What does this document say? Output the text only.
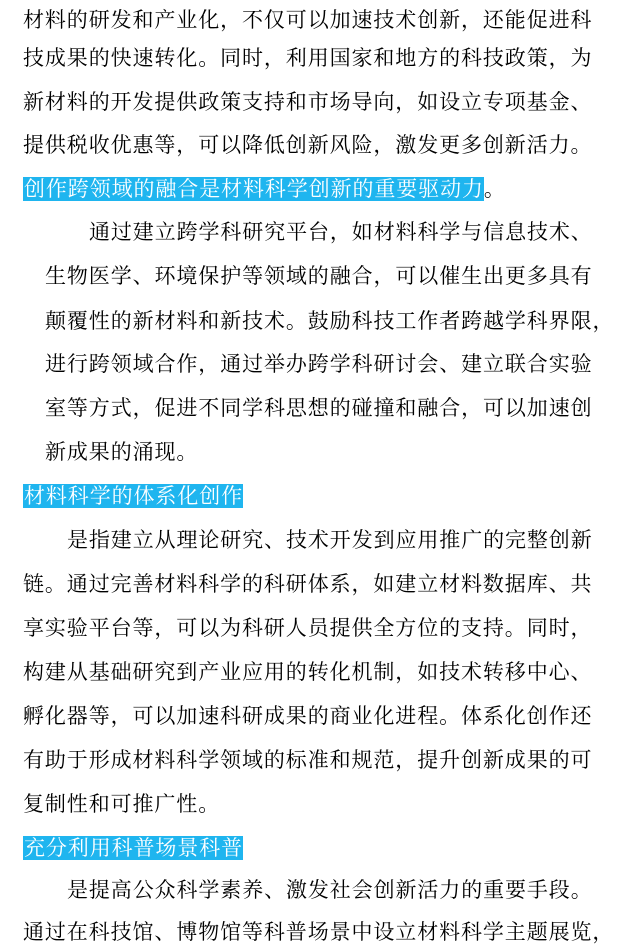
材料的研发和产业化，不仅可以加速技术创新，还能促进科
技成果的快速转化。同时，利用国家和地方的科技政策，为
新材料的开发提供政策支持和市场导向，如设立专项基金、
提供税收优惠等，可以降低创新风险，激发更多创新活力。
创作跨领域的融合是材料科学创新的重要驱动力。
通过建立跨学科研究平台，如材料科学与信息技术、
生物医学、环境保护等领域的融合，可以催生出更多具有
颠覆性的新材料和新技术。鼓励科技工作者跨越学科界限，
进行跨领域合作，通过举办跨学科研讨会、建立联合实验
室等方式，促进不同学科思想的碰撞和融合，可以加速创
新成果的涌现。
材料科学的体系化创作
是指建立从理论研究、技术开发到应用推广的完整创新
链。通过完善材料科学的科研体系，如建立材料数据库、共
享实验平台等，可以为科研人员提供全方位的支持。同时，
构建从基础研究到产业应用的转化机制，如技术转移中心、
孵化器等，可以加速科研成果的商业化进程。体系化创作还
有助于形成材料科学领域的标准和规范，提升创新成果的可
复制性和可推广性。
充分利用科普场景科普
是提高公众科学素养、激发社会创新活力的重要手段。
通过在科技馆、博物馆等科普场景中设立材料科学主题展览，
